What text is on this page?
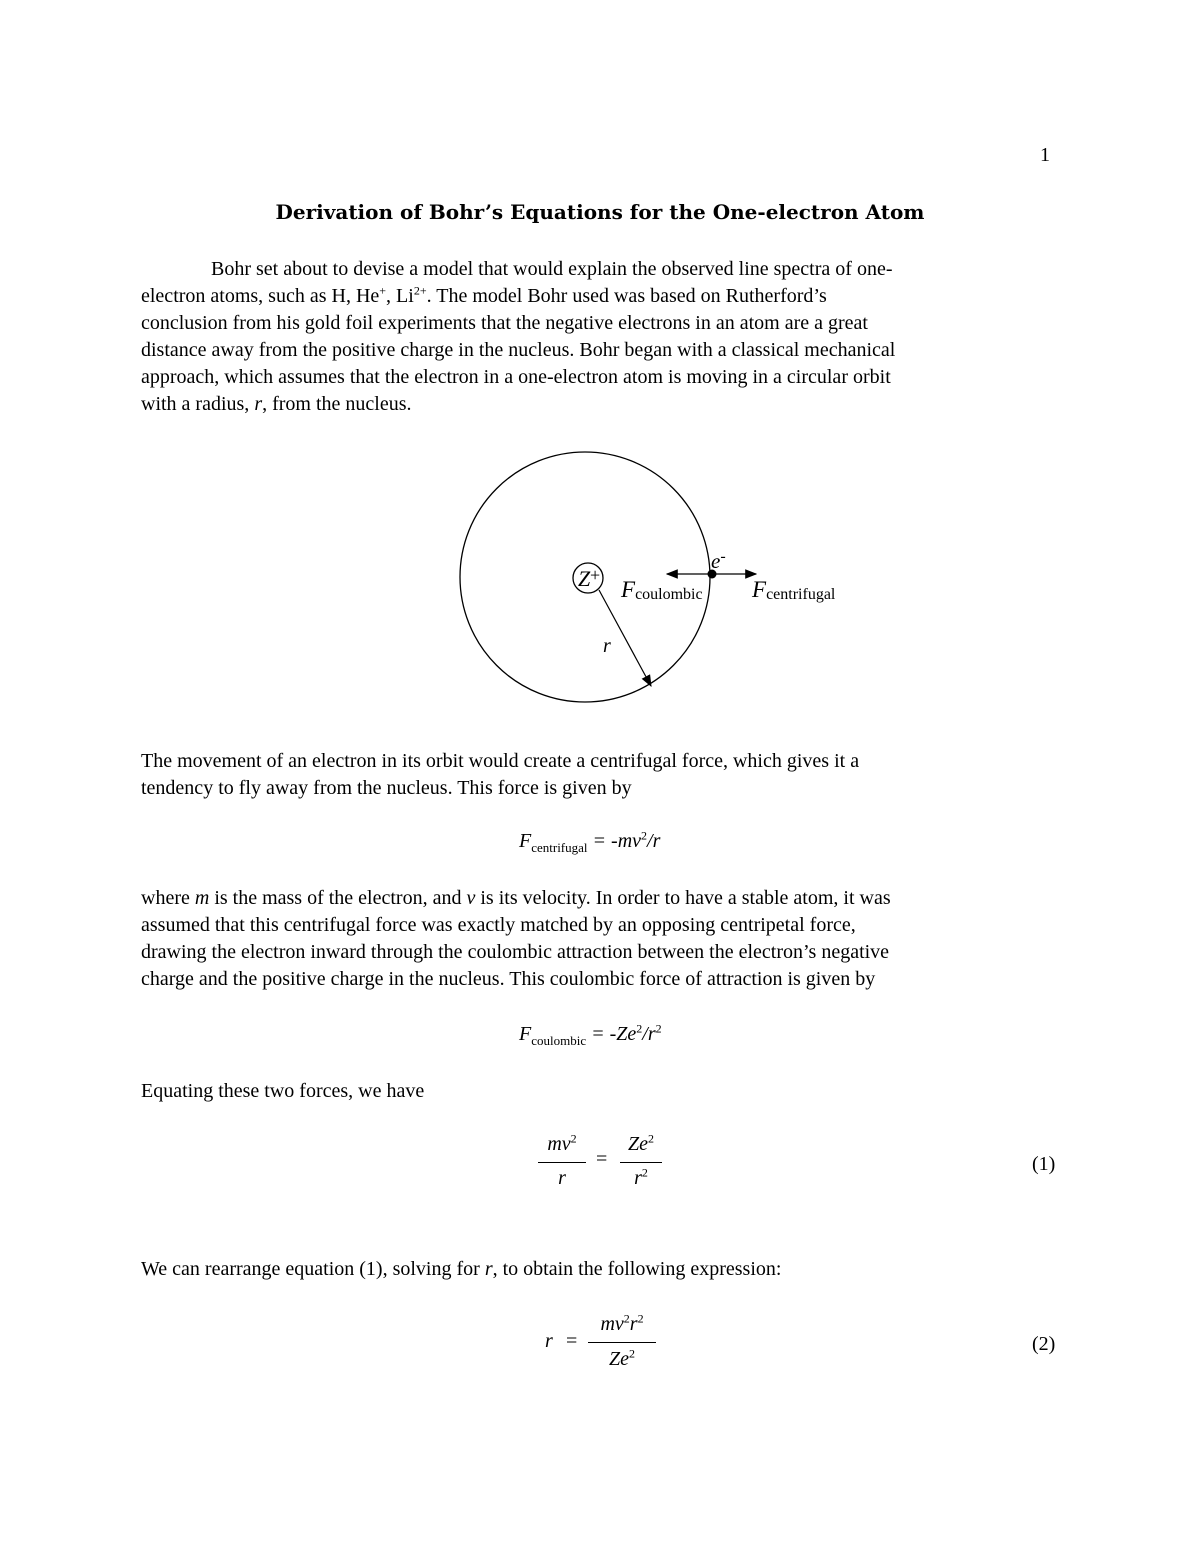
1
Derivation of Bohr’s Equations for the One-electron Atom
Bohr set about to devise a model that would explain the observed line spectra of one-
electron atoms, such as H, He+, $Li^{2+}$. The model Bohr used was based on Rutherford’s
conclusion from his gold foil experiments that the negative electrons in an atom are a great
distance away from the positive charge in the nucleus. Bohr began with a classical mechanical
approach, which assumes that the electron in a one-electron atom is moving in a circular orbit
with a radius, r, from the nucleus.
Z +
r
e-
Fcoulombic Fcentrifugal
The movement of an electron in its orbit would create a centrifugal force, which gives it a
tendency to fly away from the nucleus. This force is given by
$F_{centrifugal} = -mv^2/r$
where m is the mass of the electron, and v is its velocity. In order to have a stable atom, it was
assumed that this centrifugal force was exactly matched by an opposing centripetal force,
drawing the electron inward through the coulombic attraction between the electron’s negative
charge and the positive charge in the nucleus. This coulombic force of attraction is given by
$F_{coulombic} = -Ze^2/r^2$
Equating these two forces, we have
$mv^2$
r
=
$Ze^2$
$r^2$	(1)
We can rearrange equation (1), solving for r, to obtain the following expression:
r =
$mv^2r^2$
Ze$^2$	(2)
